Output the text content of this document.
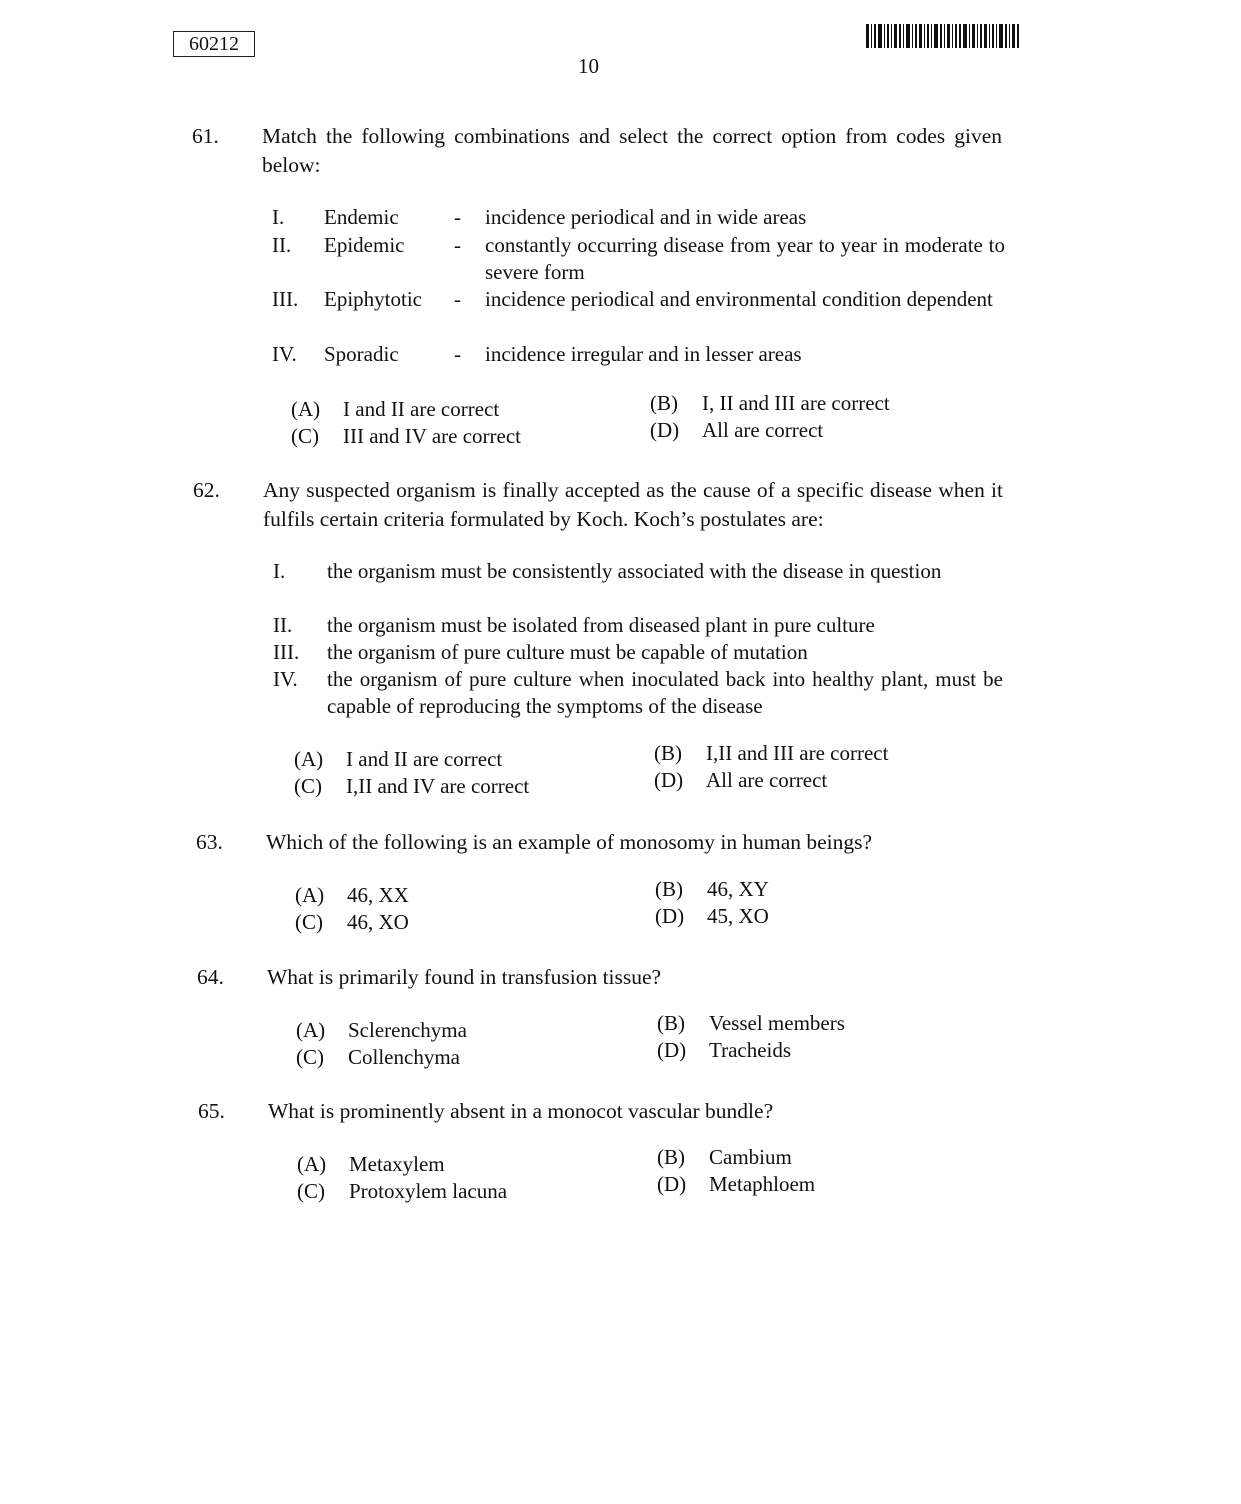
60212
10
61.	Match the following combinations and select the correct option from codes given below:
I.	Endemic	-	incidence periodical and in wide areas
II.	Epidemic	-	constantly occurring disease from year to year in moderate to severe form
III.	Epiphytotic	-	incidence periodical and environmental condition dependent
IV.	Sporadic	-	incidence irregular and in lesser areas
(A) I and II are correct	(B) I, II and III are correct
(C) III and IV are correct	(D) All are correct
62.	Any suspected organism is finally accepted as the cause of a specific disease when it fulfils certain criteria formulated by Koch. Koch’s postulates are:
I.	the organism must be consistently associated with the disease in question
II.	the organism must be isolated from diseased plant in pure culture
III.	the organism of pure culture must be capable of mutation
IV.	the organism of pure culture when inoculated back into healthy plant, must be capable of reproducing the symptoms of the disease
(A) I and II are correct	(B) I,II and III are correct
(C) I,II and IV are correct	(D) All are correct
63.	Which of the following is an example of monosomy in human beings?
(A) 46, XX	(B) 46, XY
(C) 46, XO	(D) 45, XO
64.	What is primarily found in transfusion tissue?
(A) Sclerenchyma	(B) Vessel members
(C) Collenchyma	(D) Tracheids
65.	What is prominently absent in a monocot vascular bundle?
(A) Metaxylem	(B) Cambium
(C) Protoxylem lacuna	(D) Metaphloem
